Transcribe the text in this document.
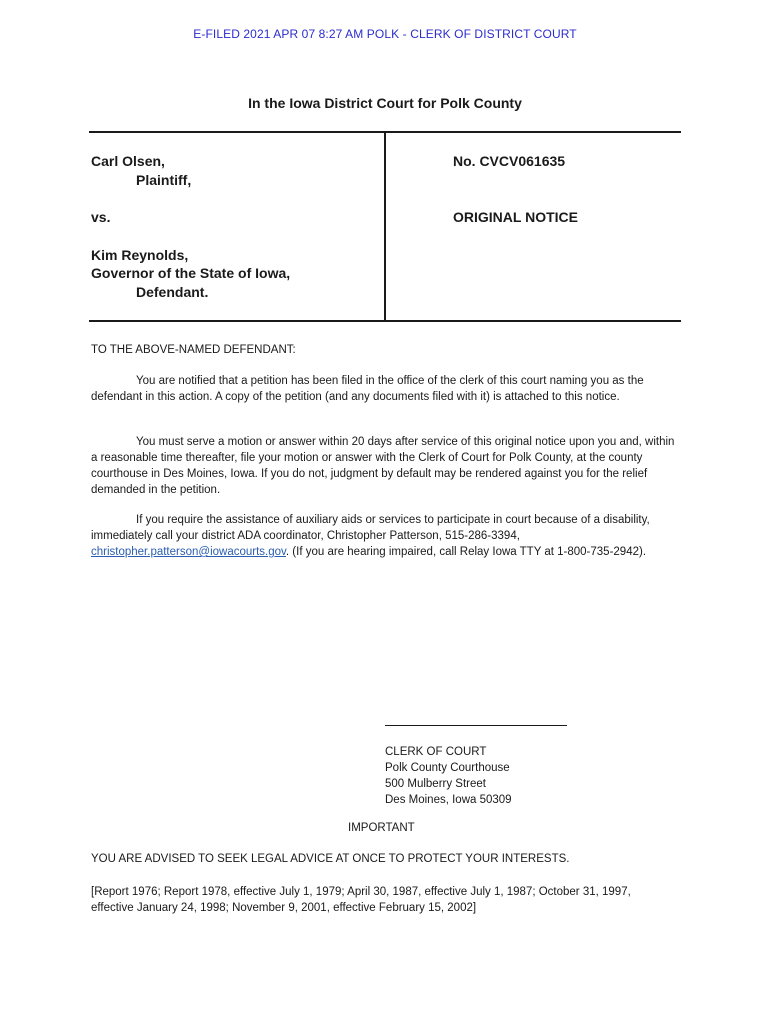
E-FILED 2021 APR 07 8:27 AM POLK - CLERK OF DISTRICT COURT
In the Iowa District Court for Polk County
Carl Olsen,
Plaintiff,
vs.
Kim Reynolds,
Governor of the State of Iowa,
Defendant.
No. CVCV061635
ORIGINAL NOTICE
TO THE ABOVE-NAMED DEFENDANT:

You are notified that a petition has been filed in the office of the clerk of this court naming you as the defendant in this action. A copy of the petition (and any documents filed with it) is attached to this notice.

You must serve a motion or answer within 20 days after service of this original notice upon you and, within a reasonable time thereafter, file your motion or answer with the Clerk of Court for Polk County, at the county courthouse in Des Moines, Iowa. If you do not, judgment by default may be rendered against you for the relief demanded in the petition.

If you require the assistance of auxiliary aids or services to participate in court because of a disability, immediately call your district ADA coordinator, Christopher Patterson, 515-286-3394, christopher.patterson@iowacourts.gov. (If you are hearing impaired, call Relay Iowa TTY at 1-800-735-2942).

CLERK OF COURT
Polk County Courthouse
500 Mulberry Street
Des Moines, Iowa 50309
IMPORTANT
YOU ARE ADVISED TO SEEK LEGAL ADVICE AT ONCE TO PROTECT YOUR INTERESTS.
[Report 1976; Report 1978, effective July 1, 1979; April 30, 1987, effective July 1, 1987; October 31, 1997, effective January 24, 1998; November 9, 2001, effective February 15, 2002]
